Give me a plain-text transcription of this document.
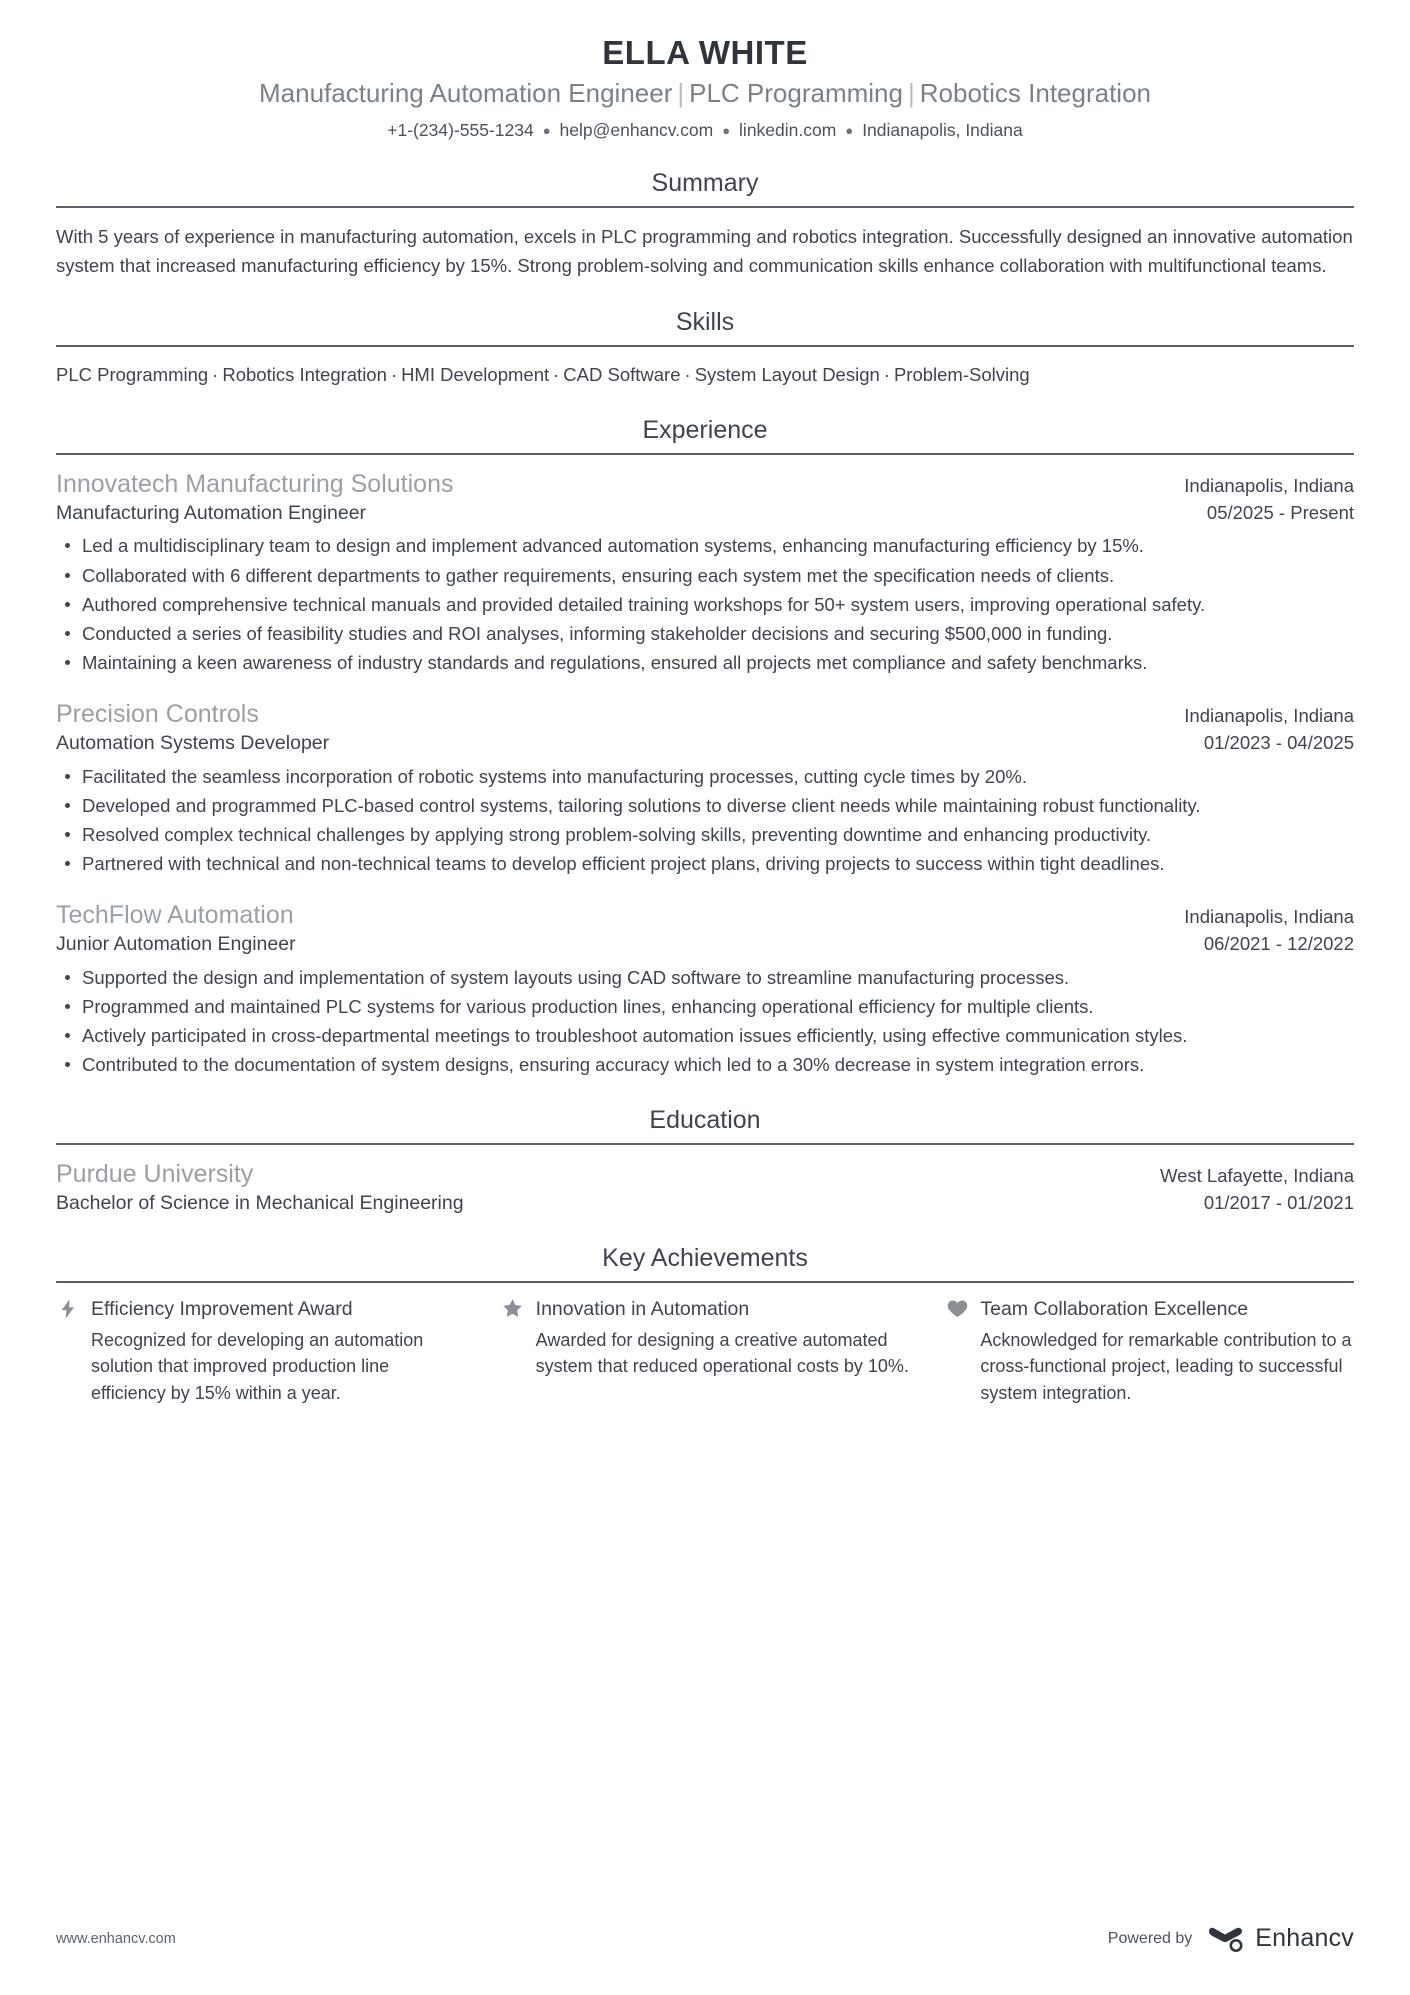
ELLA WHITE
Manufacturing Automation Engineer | PLC Programming | Robotics Integration
+1-(234)-555-1234 ● help@enhancv.com ● linkedin.com ● Indianapolis, Indiana
Summary

With 5 years of experience in manufacturing automation, excels in PLC programming and robotics integration. Successfully designed an innovative automation system that increased manufacturing efficiency by 15%. Strong problem-solving and communication skills enhance collaboration with multifunctional teams.

Skills
PLC Programming · Robotics Integration · HMI Development · CAD Software · System Layout Design · Problem-Solving
Experience
Innovatech Manufacturing Solutions	Indianapolis, Indiana
Manufacturing Automation Engineer	05/2025 - Present
Led a multidisciplinary team to design and implement advanced automation systems, enhancing manufacturing efficiency by 15%.
Collaborated with 6 different departments to gather requirements, ensuring each system met the specification needs of clients.
Authored comprehensive technical manuals and provided detailed training workshops for 50+ system users, improving operational safety.
Conducted a series of feasibility studies and ROI analyses, informing stakeholder decisions and securing $500,000 in funding.
Maintaining a keen awareness of industry standards and regulations, ensured all projects met compliance and safety benchmarks.
Precision Controls	Indianapolis, Indiana
Automation Systems Developer	01/2023 - 04/2025
Facilitated the seamless incorporation of robotic systems into manufacturing processes, cutting cycle times by 20%.
Developed and programmed PLC-based control systems, tailoring solutions to diverse client needs while maintaining robust functionality.
Resolved complex technical challenges by applying strong problem-solving skills, preventing downtime and enhancing productivity.
Partnered with technical and non-technical teams to develop efficient project plans, driving projects to success within tight deadlines.
TechFlow Automation	Indianapolis, Indiana
Junior Automation Engineer	06/2021 - 12/2022
Supported the design and implementation of system layouts using CAD software to streamline manufacturing processes.
Programmed and maintained PLC systems for various production lines, enhancing operational efficiency for multiple clients.
Actively participated in cross-departmental meetings to troubleshoot automation issues efficiently, using effective communication styles.
Contributed to the documentation of system designs, ensuring accuracy which led to a 30% decrease in system integration errors.
Education
Purdue University	West Lafayette, Indiana
Bachelor of Science in Mechanical Engineering	01/2017 - 01/2021
Key Achievements
Efficiency Improvement Award
Recognized for developing an automation solution that improved production line efficiency by 15% within a year.
Innovation in Automation
Awarded for designing a creative automated system that reduced operational costs by 10%.
Team Collaboration Excellence
Acknowledged for remarkable contribution to a cross-functional project, leading to successful system integration.
www.enhancv.com	Powered by	Enhancv
